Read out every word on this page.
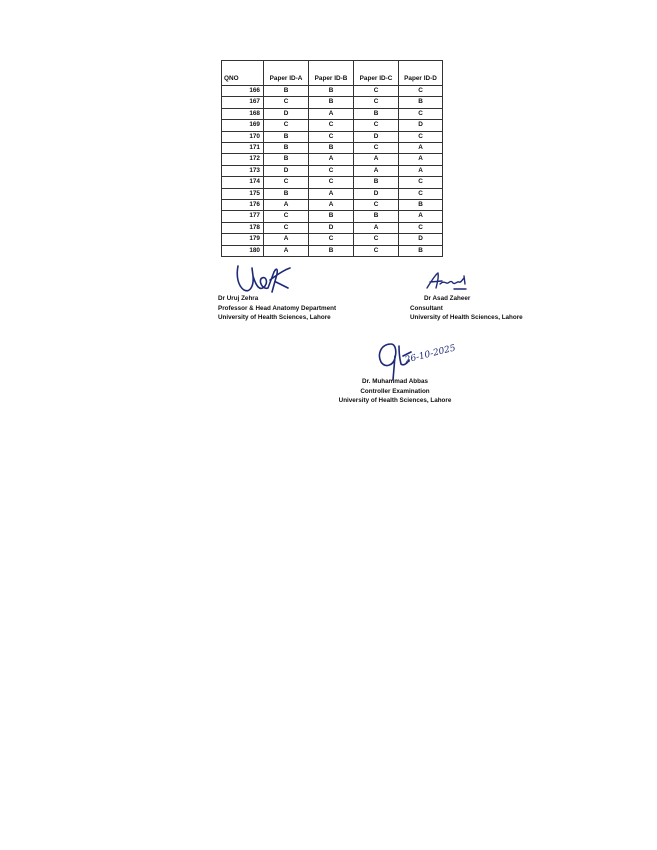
QNO	Paper ID-A	Paper ID-B	Paper ID-C	Paper ID-D
166	B	B	C	C
167	C	B	C	B
168	D	A	B	C
169	C	C	C	D
170	B	C	D	C
171	B	B	C	A
172	B	A	A	A
173	D	C	A	A
174	C	C	B	C
175	B	A	D	C
176	A	A	C	B
177	C	B	B	A
178	C	D	A	C
179	A	C	C	D
180	A	B	C	B
Dr Uruj Zehra
Professor & Head Anatomy Department
University of Health Sciences, Lahore
Dr Asad Zaheer
Consultant
University of Health Sciences, Lahore
26-10-2025
Dr. Muhammad Abbas
Controller Examination
University of Health Sciences, Lahore
